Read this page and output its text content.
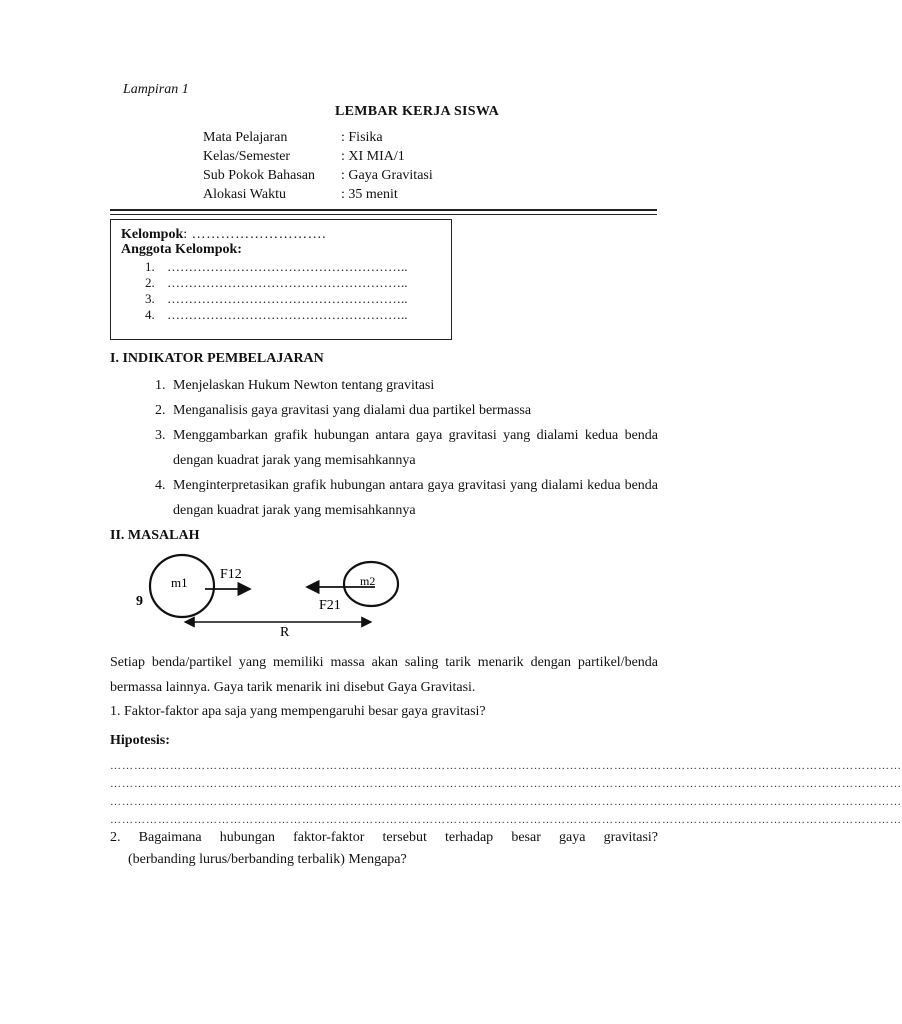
Lampiran 1
LEMBAR KERJA SISWA
Mata Pelajaran	: Fisika
Kelas/Semester	: XI MIA/1
Sub Pokok Bahasan : Gaya Gravitasi
Alokasi Waktu	: 35 menit
Kelompok: ……………………….
Anggota Kelompok:
1. ………………………………………………..
2. ………………………………………………..
3. ………………………………………………..
4. ………………………………………………..
I. INDIKATOR PEMBELAJARAN
1. Menjelaskan Hukum Newton tentang gravitasi
2. Menganalisis gaya gravitasi yang dialami dua partikel bermassa
3. Menggambarkan grafik hubungan antara gaya gravitasi yang dialami kedua benda dengan kuadrat jarak yang memisahkannya
4. Menginterpretasikan grafik hubungan antara gaya gravitasi yang dialami kedua benda dengan kuadrat jarak yang memisahkannya
II. MASALAH
m1	m2
F12
F21
R
9
Setiap benda/partikel yang memiliki massa akan saling tarik menarik dengan partikel/benda bermassa lainnya. Gaya tarik menarik ini disebut Gaya Gravitasi.
1. Faktor-faktor apa saja yang mempengaruhi besar gaya gravitasi?
Hipotesis:
………………………………………………………………………………………………………………………………………………………………………………
………………………………………………………………………………………………………………………………………………………………………………
………………………………………………………………………………………………………………………………………………………………………………
………………………………………………………………………………………………………………………………………………………………………………
2. Bagaimana hubungan faktor-faktor tersebut terhadap besar gaya gravitasi?
(berbanding lurus/berbanding terbalik) Mengapa?
